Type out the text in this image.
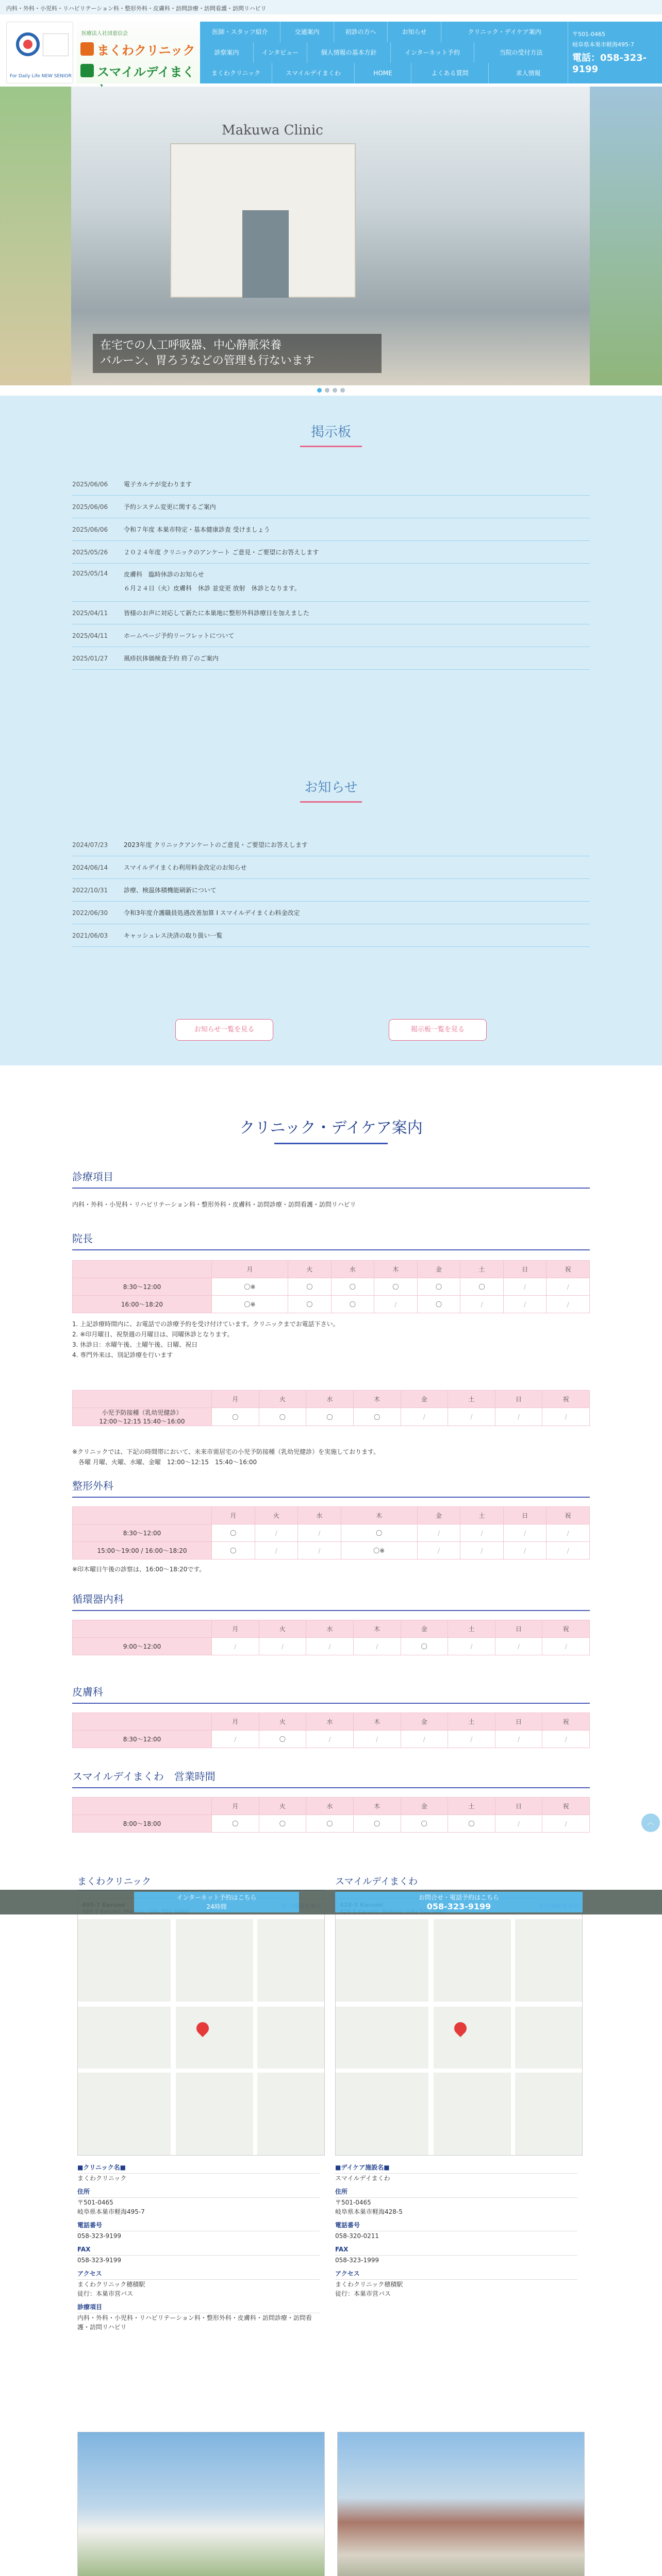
内科・外科・小児科・リハビリテーション科・整形外科・皮膚科・訪問診療・訪問看護・訪問リハビリ
For Daily Life NEW SENIOR
医療法人社団恵信会
まくわクリニック
スマイルデイまく
医師・スタッフ紹介	交通案内	初診の方へ	お知らせ	クリニック・デイケア案内
診察案内	インタビュー	個人情報の基本方針	インターネット予約	当院の受付方法
まくわクリニック	スマイルデイまくわ	HOME	よくある質問	求人情報
〒501-0465
岐阜県本巣市軽海495-7
電話：058-323-9199
Makuwa Clinic
在宅での人工呼吸器、中心静脈栄養
バルーン、胃ろうなどの管理も行ないます
掲示板
2025/06/06	電子カルテが変わります
2025/06/06	予約システム変更に関するご案内
2025/06/06	令和７年度 本巣市特定・基本健康診査 受けましょう
2025/05/26	２０２４年度 クリニックのアンケート ご意見・ご要望にお答えします
2025/05/14	皮膚科　臨時休診のお知らせ
６月２４日（火）皮膚科　休診 並変更 放射　休診となります。
2025/04/11	皆様のお声に対応して新たに本巣地に整形外科診療日を加えました
2025/04/11	ホームページ予約リーフレットについて
2025/01/27	風疹抗体価検査予約 終了のご案内
お知らせ
2024/07/23	2023年度 クリニックアンケートのご意見・ご要望にお答えします
2024/06/14	スマイルデイまくわ利用料金改定のお知らせ
2022/10/31	診療、検温体積機能刷新について
2022/06/30	令和3年度介護職員処遇改善加算 Ⅰ スマイルデイまくわ料金改定
2021/06/03	キャッシュレス決済の取り扱い一覧
お知らせ一覧を見る	掲示板一覧を見る
クリニック・デイケア案内
診療項目
内科・外科・小児科・リハビリテーション科・整形外科・皮膚科・訪問診療・訪問看護・訪問リハビリ
院長
	月	火	水	木	金	土	日	祝
8:30〜12:00	〇※	〇	〇	〇	〇	〇	/	/
16:00〜18:20	〇※	〇	〇	/	〇	/	/	/
1. 上記診療時間内に、お電話での診療予約を受け付けています。クリニックまでお電話下さい。
2. ※印月曜日、祝祭週の月曜日は、同曜休診となります。
3. 休診日：水曜午後、土曜午後、日曜、祝日
4. 専門外来は、別記診療を行います
	月	火	水	木	金	土	日	祝

小児予防接種（乳幼児健診）
12:00〜12:15 15:40〜16:00	〇	〇	〇	〇	/	/	/	/
※クリニックでは、下記の時間帯において、未来市需居宅の小児予防接種（乳幼児健診）を実施しております。
　各曜 月曜、火曜、水曜、金曜　12:00〜12:15　15:40〜16:00
整形外科
	月	火	水	木	金	土	日	祝
8:30〜12:00	〇	/	/	〇	/	/	/	/
15:00〜19:00 / 16:00〜18:20	〇	/	/	〇※	/	/	/	/
※印木曜日午後の診察は、16:00〜18:20です。
循環器内科
	月	火	水	木	金	土	日	祝
9:00〜12:00	/	/	/	/	〇	/	/	/
皮膚科
	月	火	水	木	金	土	日	祝
8:30〜12:00	/	〇	/	/	/	/	/	/
スマイルデイまくわ　営業時間
	月	火	水	木	金	土	日	祝
8:00〜18:00	〇	〇	〇	〇	〇	〇	/	/
まくわクリニック	スマイルデイまくわ

■クリニック名■
まくわクリニック
住所
〒501-0465
岐阜県本巣市軽海495-7
電話番号
058-323-9199
FAX
058-323-9199
アクセス
まくわクリニック穂積駅
徒行：本巣市営バス
診療項目
内科・外科・小児科・リハビリテーション科・整形外科・皮膚科・訪問診療・訪問看護・訪問リハビリ
■デイケア施設名■
スマイルデイまくわ
住所
〒501-0465
岐阜県本巣市軽海428-5
電話番号
058-320-0211
FAX
058-323-1999
アクセス
まくわクリニック穂積駅
徒行：本巣市営バス
インターネット予約はこちら
24時間
お問合せ・電話予約はこちら
058-323-9199
︿
